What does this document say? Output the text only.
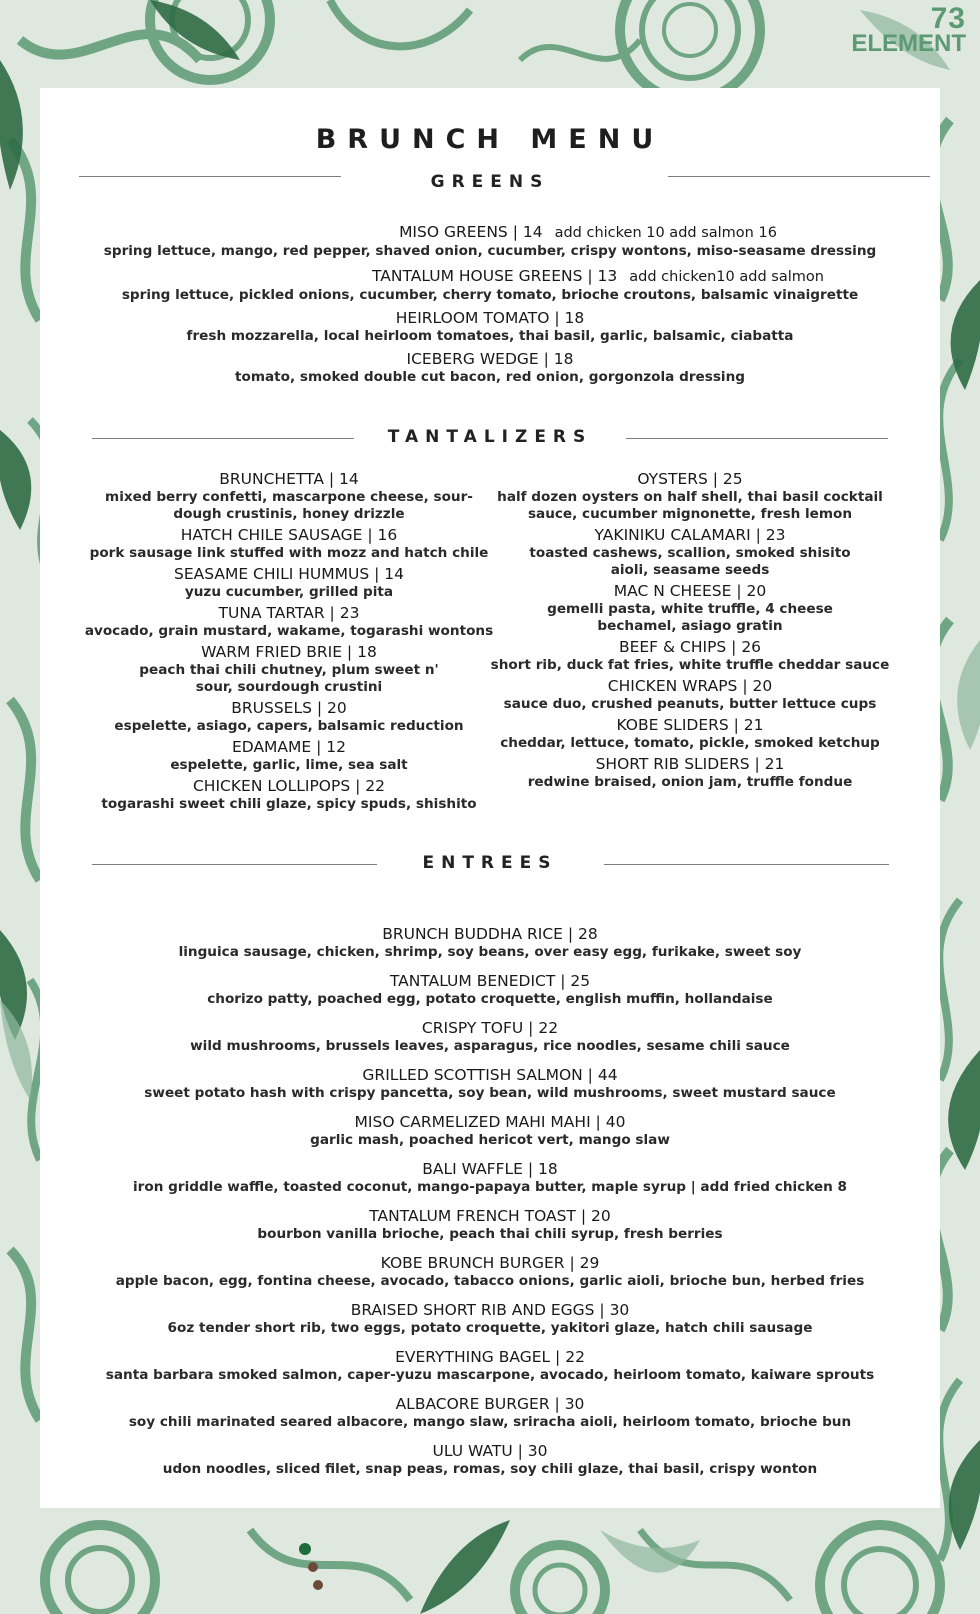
73
ELEMENT
BRUNCH MENU
GREENS
MISO GREENS | 14 add chicken 10 add salmon 16
spring lettuce, mango, red pepper, shaved onion, cucumber, crispy wontons, miso-seasame dressing
TANTALUM HOUSE GREENS | 13 add chicken10 add salmon
spring lettuce, pickled onions, cucumber, cherry tomato, brioche croutons, balsamic vinaigrette
HEIRLOOM TOMATO | 18
fresh mozzarella, local heirloom tomatoes, thai basil, garlic, balsamic, ciabatta
ICEBERG WEDGE | 18
tomato, smoked double cut bacon, red onion, gorgonzola dressing
TANTALIZERS
BRUNCHETTA | 14
mixed berry confetti, mascarpone cheese, sour-dough crustinis, honey drizzle
HATCH CHILE SAUSAGE | 16
pork sausage link stuffed with mozz and hatch chile
SEASAME CHILI HUMMUS | 14
yuzu cucumber, grilled pita
TUNA TARTAR | 23
avocado, grain mustard, wakame, togarashi wontons
WARM FRIED BRIE | 18
peach thai chili chutney, plum sweet n' sour, sourdough crustini
BRUSSELS | 20
espelette, asiago, capers, balsamic reduction
EDAMAME | 12
espelette, garlic, lime, sea salt
CHICKEN LOLLIPOPS | 22
togarashi sweet chili glaze, spicy spuds, shishito
OYSTERS | 25
half dozen oysters on half shell, thai basil cocktail sauce, cucumber mignonette, fresh lemon
YAKINIKU CALAMARI | 23
toasted cashews, scallion, smoked shisito aioli, seasame seeds
MAC N CHEESE | 20
gemelli pasta, white truffle, 4 cheese bechamel, asiago gratin
BEEF & CHIPS | 26
short rib, duck fat fries, white truffle cheddar sauce
CHICKEN WRAPS | 20
sauce duo, crushed peanuts, butter lettuce cups
KOBE SLIDERS | 21
cheddar, lettuce, tomato, pickle, smoked ketchup
SHORT RIB SLIDERS | 21
redwine braised, onion jam, truffle fondue
ENTREES
BRUNCH BUDDHA RICE | 28
linguica sausage, chicken, shrimp, soy beans, over easy egg, furikake, sweet soy
TANTALUM BENEDICT | 25
chorizo patty, poached egg, potato croquette, english muffin, hollandaise
CRISPY TOFU | 22
wild mushrooms, brussels leaves, asparagus, rice noodles, sesame chili sauce
GRILLED SCOTTISH SALMON | 44
sweet potato hash with crispy pancetta, soy bean, wild mushrooms, sweet mustard sauce
MISO CARMELIZED MAHI MAHI | 40
garlic mash, poached hericot vert, mango slaw
BALI WAFFLE | 18
iron griddle waffle, toasted coconut, mango-papaya butter, maple syrup | add fried chicken 8
TANTALUM FRENCH TOAST | 20
bourbon vanilla brioche, peach thai chili syrup, fresh berries
KOBE BRUNCH BURGER | 29
apple bacon, egg, fontina cheese, avocado, tabacco onions, garlic aioli, brioche bun, herbed fries
BRAISED SHORT RIB AND EGGS | 30
6oz tender short rib, two eggs, potato croquette, yakitori glaze, hatch chili sausage
EVERYTHING BAGEL | 22
santa barbara smoked salmon, caper-yuzu mascarpone, avocado, heirloom tomato, kaiware sprouts
ALBACORE BURGER | 30
soy chili marinated seared albacore, mango slaw, sriracha aioli, heirloom tomato, brioche bun
ULU WATU | 30
udon noodles, sliced filet, snap peas, romas, soy chili glaze, thai basil, crispy wonton
